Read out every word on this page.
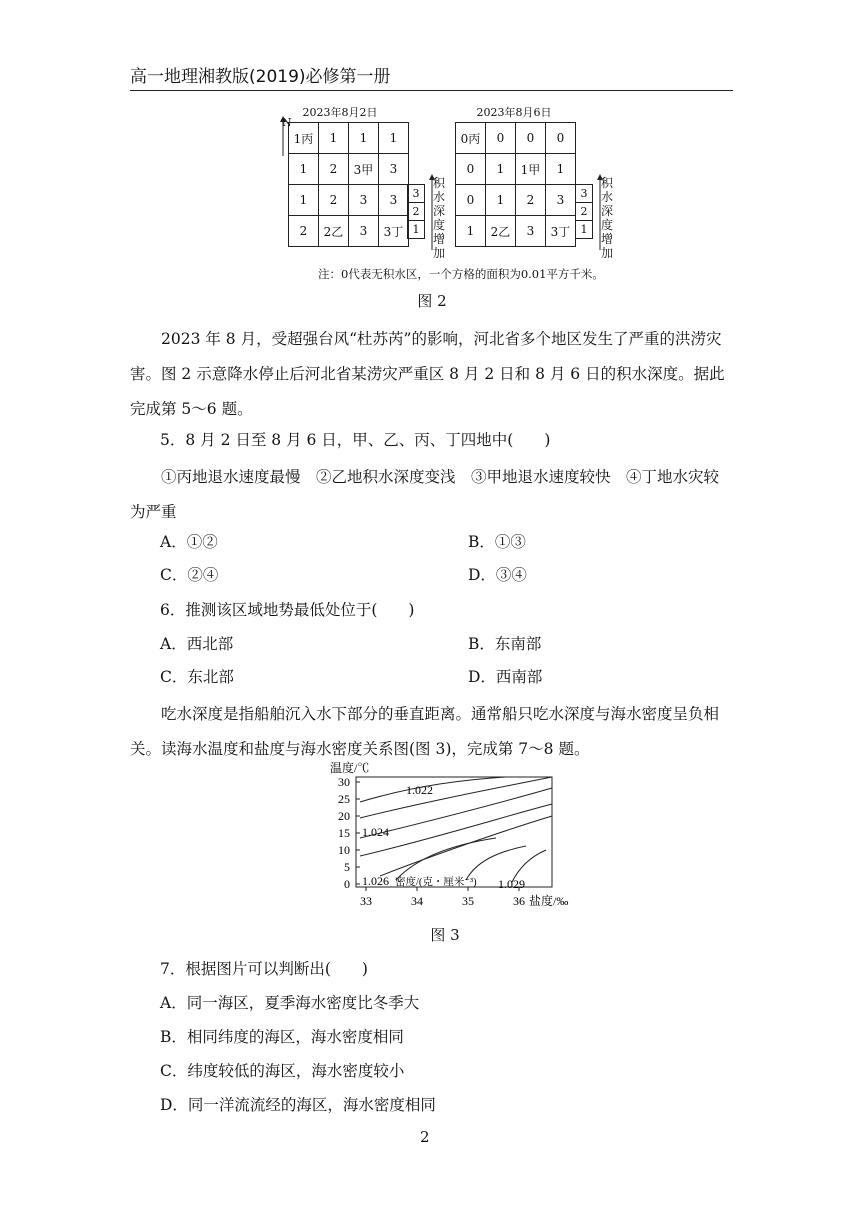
高一地理湘教版(2019)必修第一册
2023年8月2日	2023年8月6日
N
1丙	1	1	1
1	2	3甲	3
1	2	3	3
2	2乙	3	3丁
0丙	0	0	0
0	1	1甲	1
0	1	2	3
1	2乙	3	3丁
3
2
1
积水深度增加
3
2
1
积水深度增加
注：0代表无积水区，一个方格的面积为0.01平方千米。
图 2

2023 年 8 月，受超强台风“杜苏芮”的影响，河北省多个地区发生了严重的洪涝灾害。图 2 示意降水停止后河北省某涝灾严重区 8 月 2 日和 8 月 6 日的积水深度。据此完成第 5～6 题。

5．8 月 2 日至 8 月 6 日，甲、乙、丙、丁四地中(　　)

①丙地退水速度最慢　②乙地积水深度变浅　③甲地退水速度较快　④丁地水灾较为严重

A．①②	B．①③
C．②④	D．③④
6．推测该区域地势最低处位于(　　)
A．西北部	B．东南部
C．东北部	D．西南部

吃水深度是指船舶沉入水下部分的垂直距离。通常船只吃水深度与海水密度呈负相关。读海水温度和盐度与海水密度关系图(图 3)，完成第 7～8 题。

温度/℃
30
25
20
15
10
5
0
33	34	35	36
1.022
1.024
1.026 密度/(克・厘米⁻³) 1.029
盐度/‰
图 3
7．根据图片可以判断出(　　)
A．同一海区，夏季海水密度比冬季大
B．相同纬度的海区，海水密度相同
C．纬度较低的海区，海水密度较小
D．同一洋流流经的海区，海水密度相同
2
